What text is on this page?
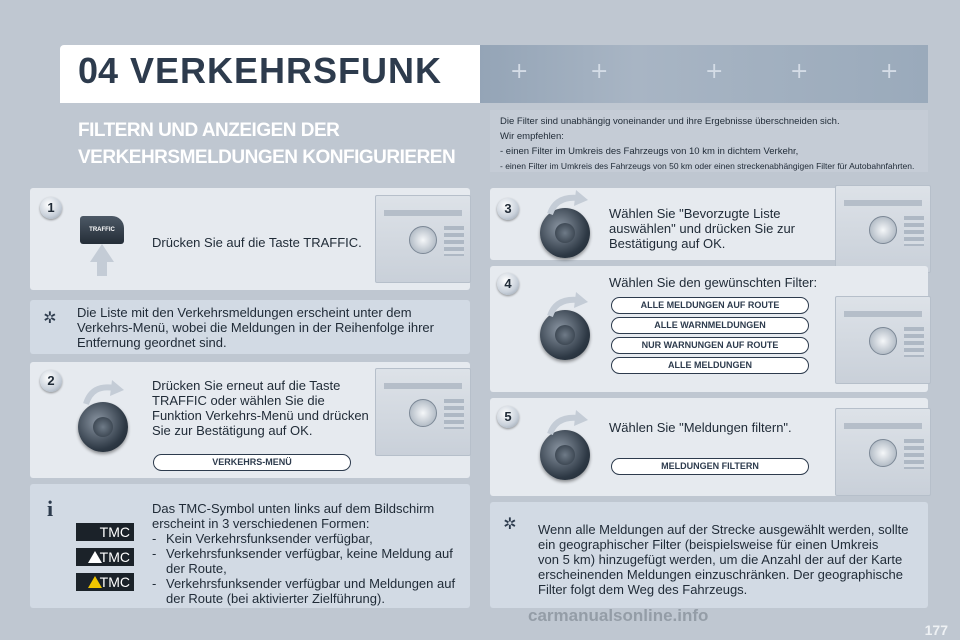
+	+	+	+	+
04 VERKEHRSFUNK
FILTERN UND ANZEIGEN DER
VERKEHRSMELDUNGEN KONFIGURIEREN
Die Filter sind unabhängig voneinander und ihre Ergebnisse überschneiden sich.
Wir empfehlen:
- einen Filter im Umkreis des Fahrzeugs von 10 km in dichtem Verkehr,
- einen Filter im Umkreis des Fahrzeugs von 50 km oder einen streckenabhängigen Filter für Autobahnfahrten.
1
TRAFFIC
Drücken Sie auf die Taste TRAFFIC.
✲ Die Liste mit den Verkehrsmeldungen erscheint unter dem Verkehrs-Menü, wobei die Meldungen in der Reihenfolge ihrer Entfernung geordnet sind.
2	Drücken Sie erneut auf die Taste
TRAFFIC oder wählen Sie die
Funktion Verkehrs-Menü und drücken
Sie zur Bestätigung auf OK.
VERKEHRS-MENÜ
i
TMC
TMC
TMC
Das TMC-Symbol unten links auf dem Bildschirm
erscheint in 3 verschiedenen Formen:
- Kein Verkehrsfunksender verfügbar,
- Verkehrsfunksender verfügbar, keine Meldung auf
der Route,
- Verkehrsfunksender verfügbar und Meldungen auf
der Route (bei aktivierter Zielführung).
3	Wählen Sie "Bevorzugte Liste
auswählen" und drücken Sie zur
Bestätigung auf OK.
4	Wählen Sie den gewünschten Filter:
ALLE MELDUNGEN AUF ROUTE
ALLE WARNMELDUNGEN
NUR WARNUNGEN AUF ROUTE
ALLE MELDUNGEN
5
Wählen Sie "Meldungen filtern".
MELDUNGEN FILTERN
✲ Wenn alle Meldungen auf der Strecke ausgewählt werden, sollte
ein geographischer Filter (beispielsweise für einen Umkreis
von 5 km) hinzugefügt werden, um die Anzahl der auf der Karte
erscheinenden Meldungen einzuschränken. Der geographische
Filter folgt dem Weg des Fahrzeugs.
carmanualsonline.info
177
